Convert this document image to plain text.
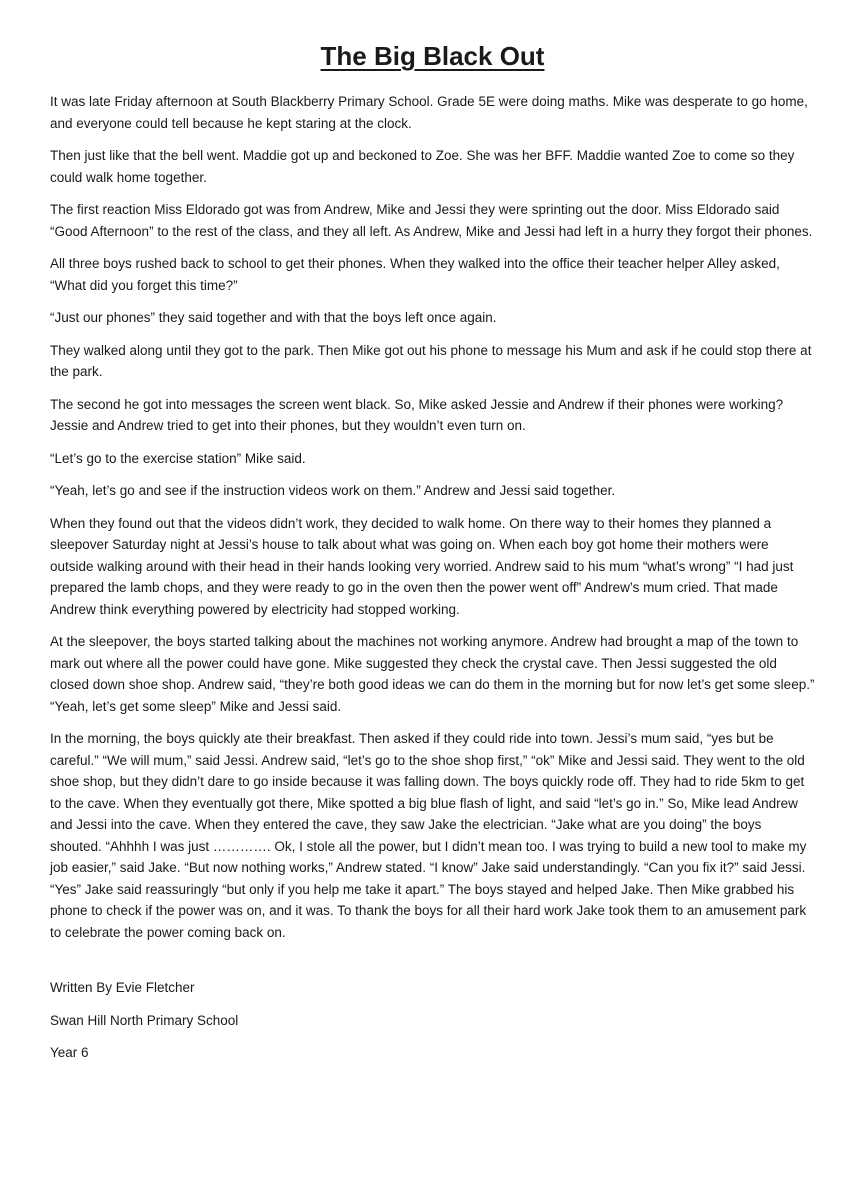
The Big Black Out

It was late Friday afternoon at South Blackberry Primary School. Grade 5E were doing maths. Mike was desperate to go home, and everyone could tell because he kept staring at the clock.

Then just like that the bell went. Maddie got up and beckoned to Zoe. She was her BFF. Maddie wanted Zoe to come so they could walk home together.

The first reaction Miss Eldorado got was from Andrew, Mike and Jessi they were sprinting out the door. Miss Eldorado said “Good Afternoon” to the rest of the class, and they all left. As Andrew, Mike and Jessi had left in a hurry they forgot their phones.

All three boys rushed back to school to get their phones. When they walked into the office their teacher helper Alley asked, “What did you forget this time?”

“Just our phones” they said together and with that the boys left once again.

They walked along until they got to the park. Then Mike got out his phone to message his Mum and ask if he could stop there at the park.

The second he got into messages the screen went black. So, Mike asked Jessie and Andrew if their phones were working? Jessie and Andrew tried to get into their phones, but they wouldn’t even turn on.

“Let’s go to the exercise station” Mike said.

“Yeah, let’s go and see if the instruction videos work on them.” Andrew and Jessi said together.

When they found out that the videos didn’t work, they decided to walk home. On there way to their homes they planned a sleepover Saturday night at Jessi’s house to talk about what was going on. When each boy got home their mothers were outside walking around with their head in their hands looking very worried. Andrew said to his mum “what’s wrong” “I had just prepared the lamb chops, and they were ready to go in the oven then the power went off” Andrew’s mum cried. That made Andrew think everything powered by electricity had stopped working.

At the sleepover, the boys started talking about the machines not working anymore. Andrew had brought a map of the town to mark out where all the power could have gone. Mike suggested they check the crystal cave. Then Jessi suggested the old closed down shoe shop. Andrew said, “they’re both good ideas we can do them in the morning but for now let’s get some sleep.” “Yeah, let’s get some sleep” Mike and Jessi said.

In the morning, the boys quickly ate their breakfast. Then asked if they could ride into town. Jessi’s mum said, “yes but be careful.” “We will mum,” said Jessi. Andrew said, “let’s go to the shoe shop first,” “ok” Mike and Jessi said. They went to the old shoe shop, but they didn’t dare to go inside because it was falling down. The boys quickly rode off. They had to ride 5km to get to the cave. When they eventually got there, Mike spotted a big blue flash of light, and said “let’s go in.” So, Mike lead Andrew and Jessi into the cave. When they entered the cave, they saw Jake the electrician. “Jake what are you doing” the boys shouted. “Ahhhh I was just …………. Ok, I stole all the power, but I didn’t mean too. I was trying to build a new tool to make my job easier,” said Jake. “But now nothing works,” Andrew stated. “I know” Jake said understandingly. “Can you fix it?” said Jessi. “Yes” Jake said reassuringly “but only if you help me take it apart.” The boys stayed and helped Jake. Then Mike grabbed his phone to check if the power was on, and it was. To thank the boys for all their hard work Jake took them to an amusement park to celebrate the power coming back on.

Written By Evie Fletcher

Swan Hill North Primary School

Year 6
